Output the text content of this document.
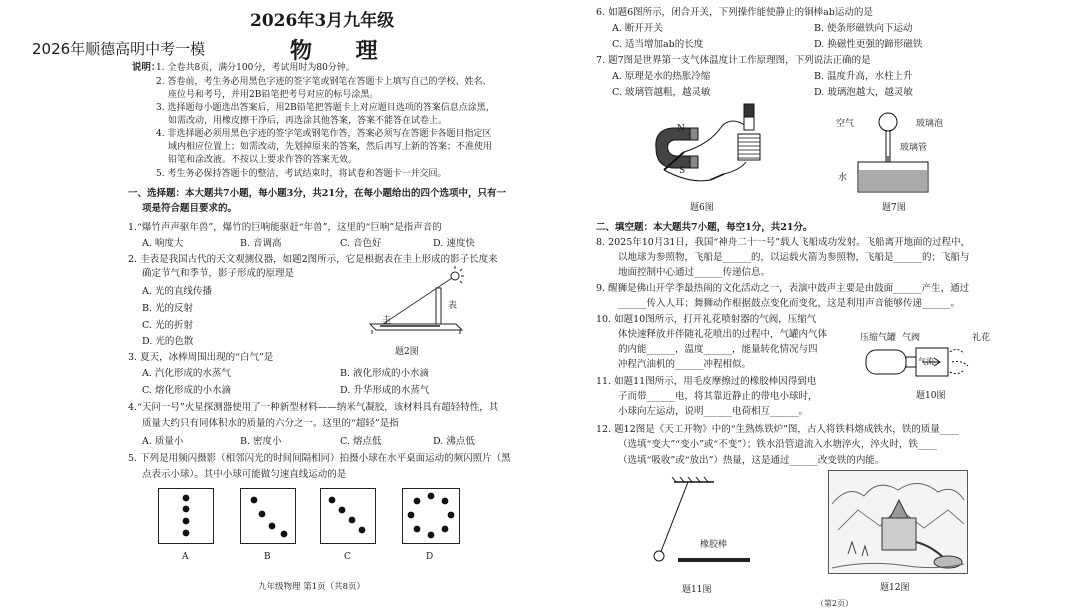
2026年3月九年级
2026年顺德高明中考一模	物 理
说明：
1. 全卷共8页，满分100分，考试用时为80分钟。
2. 答卷前，考生务必用黑色字迹的签字笔或钢笔在答题卡上填写自己的学校、姓名、
座位号和考号，并用2B铅笔把考号对应的标号涂黑。
3. 选择题每小题选出答案后，用2B铅笔把答题卡上对应题目选项的答案信息点涂黑，
如需改动，用橡皮擦干净后，再选涂其他答案，答案不能答在试卷上。
4. 非选择题必须用黑色字迹的签字笔或钢笔作答，答案必须写在答题卡各题目指定区
域内相应位置上；如需改动，先划掉原来的答案，然后再写上新的答案；不准使用
铅笔和涂改液。不按以上要求作答的答案无效。
5. 考生务必保持答题卡的整洁，考试结束时，将试卷和答题卡一并交回。
一、选择题：本大题共7小题，每小题3分，共21分，在每小题给出的四个选项中，只有一
项是符合题目要求的。
1.“爆竹声声驱年兽”，爆竹的巨响能驱赶“年兽”，这里的“巨响”是指声音的
A. 响度大	B. 音调高	C. 音色好	D. 速度快
2. 圭表是我国古代的天文观测仪器，如题2图所示，它是根据表在圭上形成的影子长度来
确定节气和季节，影子形成的原理是
A. 光的直线传播
B. 光的反射
C. 光的折射
D. 光的色散
圭
表
题2图
3. 夏天，冰棒周围出现的“白气”是
A. 汽化形成的水蒸气	B. 液化形成的小水滴
C. 熔化形成的小水滴	D. 升华形成的水蒸气
4.“天问一号”火星探测器使用了一种新型材料——纳米气凝胶，该材料具有超轻特性，其
质量大约只有同体积水的质量的六分之一。这里的“超轻”是指
A. 质量小	B. 密度小	C. 熔点低	D. 沸点低
5. 下列是用频闪摄影（相邻闪光的时间间隔相同）拍摄小球在水平桌面运动的频闪照片（黑
点表示小球）。其中小球可能做匀速直线运动的是
A	B	C	D
九年级物理 第1页（共8页）
6. 如题6图所示，闭合开关，下列操作能使静止的铜棒ab运动的是
A. 断开开关	B. 使条形磁铁向下运动
C. 适当增加ab的长度	D. 换磁性更强的蹄形磁铁
7. 题7图是世界第一支气体温度计工作原理图，下列说法正确的是
A. 原理是水的热胀冷缩	B. 温度升高，水柱上升
C. 玻璃管越粗，越灵敏	D. 玻璃泡越大，越灵敏
N
S
题6图
空气	玻璃泡
玻璃管
水
题7图
二、填空题：本大题共7小题，每空1分，共21分。
8. 2025年10月31日，我国“神舟二十一号”载人飞船成功发射。飞船离开地面的过程中，
以地球为参照物，飞船是______的，以运载火箭为参照物，飞船是______的；飞船与
地面控制中心通过______传递信息。
9. 醒狮是佛山开学季最热闹的文化活动之一，表演中鼓声主要是由鼓面______产生，通过
______传入人耳；舞狮动作根据鼓点变化而变化，这是利用声音能够传递______。
10. 如题10图所示，打开礼花喷射器的气阀，压缩气
体快速释放并伴随礼花喷出的过程中，气罐内气体
的内能______，温度______，能量转化情况与四
冲程汽油机的______冲程相似。
压缩气罐 气阀	礼花
气流
题10图
11. 如题11图所示，用毛皮摩擦过的橡胶棒因得到电
子而带______电，将其靠近静止的带电小球时，
小球向左运动，说明______电荷相互______。
12. 题12图是《天工开物》中的“生熟炼铁炉”图，古人将铁料熔成铁水，铁的质量____
（选填“变大”“变小”或“不变”）；铁水沿管道流入水塘淬火，淬火时，铁____
（选填“吸收”或“放出”）热量，这是通过______改变铁的内能。
橡胶棒
题11图	题12图
（第2页）
